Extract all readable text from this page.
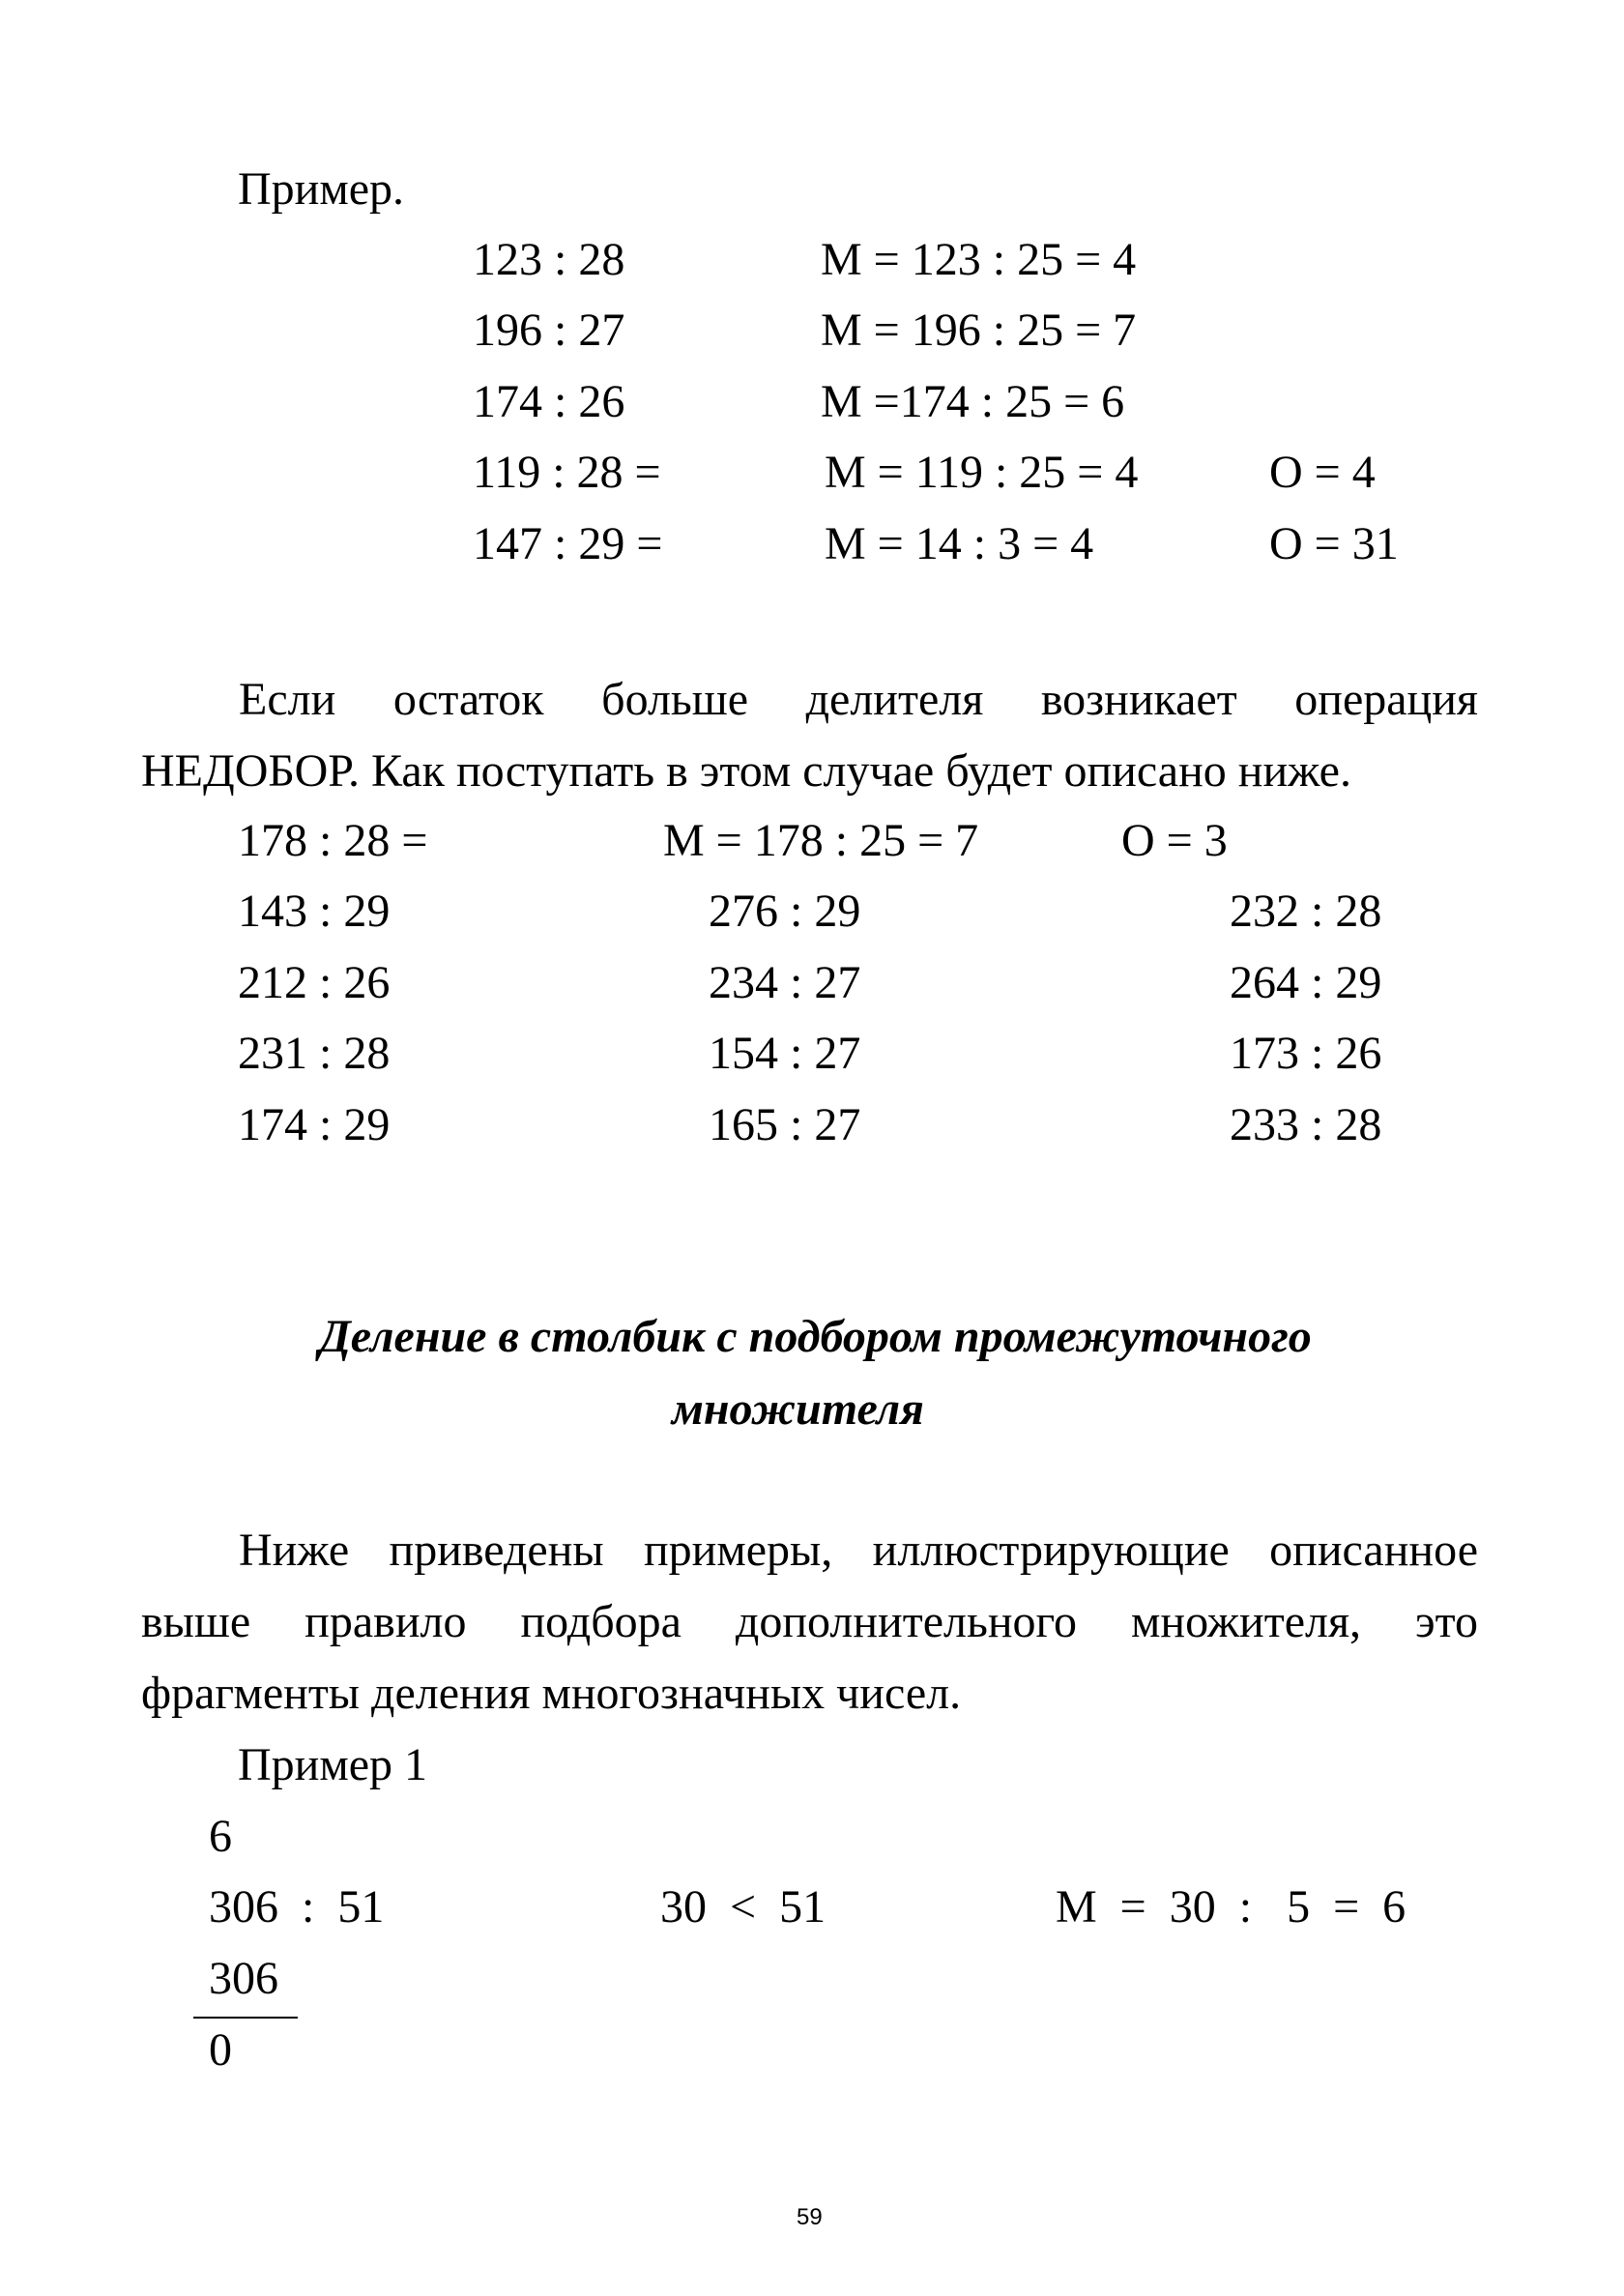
Пример.
123 : 28	М = 123 : 25 = 4
196 : 27	М = 196 : 25 = 7
174 : 26	М =174 : 25 = 6
119 : 28 =	М = 119 : 25 = 4	О = 4
147 : 29 =	М = 14 : 3 = 4	О = 31
Если остаток больше делителя возникает операция
НЕДОБОР. Как поступать в этом случае будет описано ниже.
178 : 28 =	М = 178 : 25 = 7	О = 3
143 : 29	276 : 29	232 : 28
212 : 26	234 : 27	264 : 29
231 : 28	154 : 27	173 : 26
174 : 29	165 : 27	233 : 28
Деление в столбик с подбором промежуточного
множителя
Ниже приведены примеры, иллюстрирующие описанное
выше правило подбора дополнительного множителя, это
фрагменты деления многозначных чисел.
Пример 1
6
306  :  51	30  <  51	М  =  30  :   5  =  6
306
0
59
